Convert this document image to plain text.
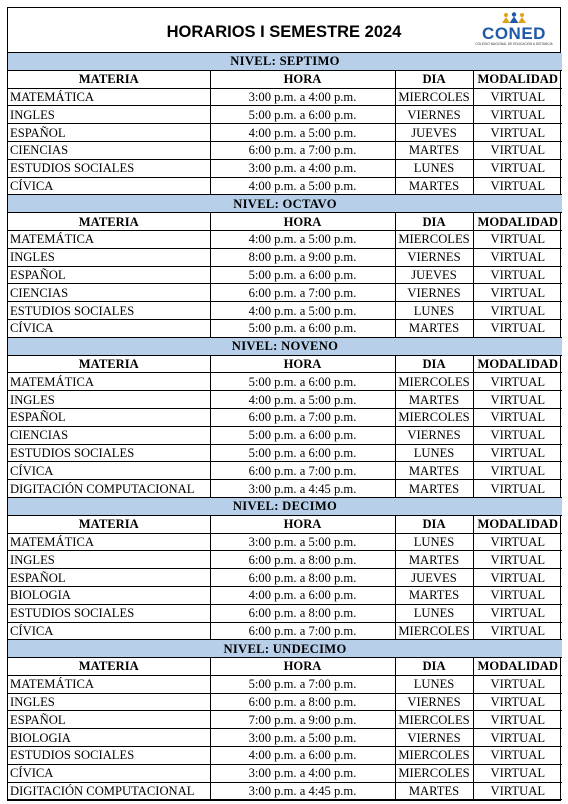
HORARIOS I SEMESTRE 2024	CONED
COLEGIO NACIONAL DE EDUCACIÓN A DISTANCIA
NIVEL: SEPTIMO			
MATERIA	HORA	DIA	MODALIDAD
MATEMÁTICA	3:00 p.m. a 4:00 p.m.	MIERCOLES	VIRTUAL
INGLES	5:00 p.m. a 6:00 p.m.	VIERNES	VIRTUAL
ESPAÑOL	4:00 p.m. a 5:00 p.m.	JUEVES	VIRTUAL
CIENCIAS	6:00 p.m. a 7:00 p.m.	MARTES	VIRTUAL
ESTUDIOS SOCIALES	3:00 p.m. a 4:00 p.m.	LUNES	VIRTUAL
CÍVICA	4:00 p.m. a 5:00 p.m.	MARTES	VIRTUAL
NIVEL: OCTAVO			
MATERIA	HORA	DIA	MODALIDAD
MATEMÁTICA	4:00 p.m. a 5:00 p.m.	MIERCOLES	VIRTUAL
INGLES	8:00 p.m. a 9:00 p.m.	VIERNES	VIRTUAL
ESPAÑOL	5:00 p.m. a 6:00 p.m.	JUEVES	VIRTUAL
CIENCIAS	6:00 p.m. a 7:00 p.m.	VIERNES	VIRTUAL
ESTUDIOS SOCIALES	4:00 p.m. a 5:00 p.m.	LUNES	VIRTUAL
CÍVICA	5:00 p.m. a 6:00 p.m.	MARTES	VIRTUAL
NIVEL: NOVENO			
MATERIA	HORA	DIA	MODALIDAD
MATEMÁTICA	5:00 p.m. a 6:00 p.m.	MIERCOLES	VIRTUAL
INGLES	4:00 p.m. a 5:00 p.m.	MARTES	VIRTUAL
ESPAÑOL	6:00 p.m. a 7:00 p.m.	MIERCOLES	VIRTUAL
CIENCIAS	5:00 p.m. a 6:00 p.m.	VIERNES	VIRTUAL
ESTUDIOS SOCIALES	5:00 p.m. a 6:00 p.m.	LUNES	VIRTUAL
CÍVICA	6:00 p.m. a 7:00 p.m.	MARTES	VIRTUAL
DIGITACIÓN COMPUTACIONAL	3:00 p.m. a 4:45 p.m.	MARTES	VIRTUAL
NIVEL: DECIMO			
MATERIA	HORA	DIA	MODALIDAD
MATEMÁTICA	3:00 p.m. a 5:00 p.m.	LUNES	VIRTUAL
INGLES	6:00 p.m. a 8:00 p.m.	MARTES	VIRTUAL
ESPAÑOL	6:00 p.m. a 8:00 p.m.	JUEVES	VIRTUAL
BIOLOGIA	4:00 p.m. a 6:00 p.m.	MARTES	VIRTUAL
ESTUDIOS SOCIALES	6:00 p.m. a 8:00 p.m.	LUNES	VIRTUAL
CÍVICA	6:00 p.m. a 7:00 p.m.	MIERCOLES	VIRTUAL
NIVEL: UNDECIMO			
MATERIA	HORA	DIA	MODALIDAD
MATEMÁTICA	5:00 p.m. a 7:00 p.m.	LUNES	VIRTUAL
INGLES	6:00 p.m. a 8:00 p.m.	VIERNES	VIRTUAL
ESPAÑOL	7:00 p.m. a 9:00 p.m.	MIERCOLES	VIRTUAL
BIOLOGIA	3:00 p.m. a 5:00 p.m.	VIERNES	VIRTUAL
ESTUDIOS SOCIALES	4:00 p.m. a 6:00 p.m.	MIERCOLES	VIRTUAL
CÍVICA	3:00 p.m. a 4:00 p.m.	MIERCOLES	VIRTUAL
DIGITACIÓN COMPUTACIONAL	3:00 p.m. a 4:45 p.m.	MARTES	VIRTUAL
